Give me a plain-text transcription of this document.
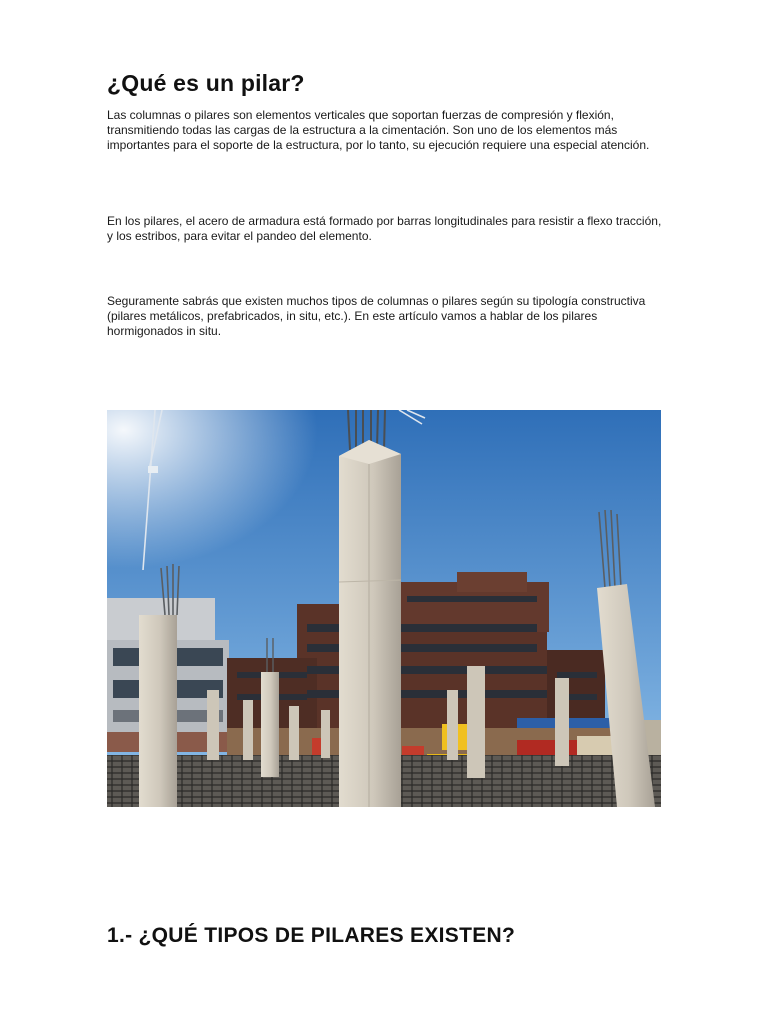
¿Qué es un pilar?

Las columnas o pilares son elementos verticales que soportan fuerzas de compresión y flexión, transmitiendo todas las cargas de la estructura a la cimentación. Son uno de los elementos más importantes para el soporte de la estructura, por lo tanto, su ejecución requiere una especial atención.

En los pilares, el acero de armadura está formado por barras longitudinales para resistir a flexo tracción, y los estribos, para evitar el pandeo del elemento.

Seguramente sabrás que existen muchos tipos de columnas o pilares según su tipología constructiva (pilares metálicos, prefabricados, in situ, etc.). En este artículo vamos a hablar de los pilares hormigonados in situ.

1.- ¿QUÉ TIPOS DE PILARES EXISTEN?
